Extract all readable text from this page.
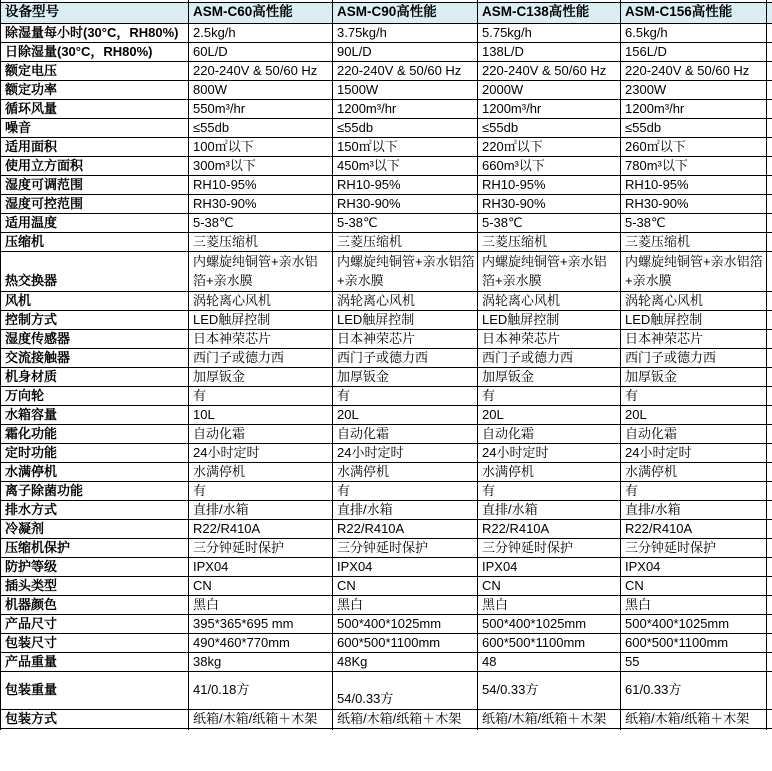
设备型号	ASM-C60高性能	ASM-C90高性能	ASM-C138高性能	ASM-C156高性能	
除湿量每小时(30°C，RH80%)	2.5kg/h	3.75kg/h	5.75kg/h	6.5kg/h	
日除湿量(30°C，RH80%)	60L/D	90L/D	138L/D	156L/D	
额定电压	220-240V & 50/60 Hz	220-240V & 50/60 Hz	220-240V & 50/60 Hz	220-240V & 50/60 Hz	
额定功率	800W	1500W	2000W	2300W	
循环风量	550m³/hr	1200m³/hr	1200m³/hr	1200m³/hr	
噪音	≤55db	≤55db	≤55db	≤55db	
适用面积	100㎡以下	150㎡以下	220㎡以下	260㎡以下	
使用立方面积	300m³以下	450m³以下	660m³以下	780m³以下	
湿度可调范围	RH10-95%	RH10-95%	RH10-95%	RH10-95%	
湿度可控范围	RH30-90%	RH30-90%	RH30-90%	RH30-90%	
适用温度	5-38℃	5-38℃	5-38℃	5-38℃	
压缩机	三菱压缩机	三菱压缩机	三菱压缩机	三菱压缩机	
热交换器	内螺旋纯铜管+亲水铝箔+亲水膜	内螺旋纯铜管+亲水铝箔+亲水膜	内螺旋纯铜管+亲水铝箔+亲水膜	内螺旋纯铜管+亲水铝箔+亲水膜	
风机	涡轮离心风机	涡轮离心风机	涡轮离心风机	涡轮离心风机	
控制方式	LED触屏控制	LED触屏控制	LED触屏控制	LED触屏控制	
湿度传感器	日本神荣芯片	日本神荣芯片	日本神荣芯片	日本神荣芯片	
交流接触器	西门子或德力西	西门子或德力西	西门子或德力西	西门子或德力西	
机身材质	加厚钣金	加厚钣金	加厚钣金	加厚钣金	
万向轮	有	有	有	有	
水箱容量	10L	20L	20L	20L	
霜化功能	自动化霜	自动化霜	自动化霜	自动化霜	
定时功能	24小时定时	24小时定时	24小时定时	24小时定时	
水满停机	水满停机	水满停机	水满停机	水满停机	
离子除菌功能	有	有	有	有	
排水方式	直排/水箱	直排/水箱	直排/水箱	直排/水箱	
冷凝剂	R22/R410A	R22/R410A	R22/R410A	R22/R410A	
压缩机保护	三分钟延时保护	三分钟延时保护	三分钟延时保护	三分钟延时保护	
防护等级	IPX04	IPX04	IPX04	IPX04	
插头类型	CN	CN	CN	CN	
机器颜色	黑白	黑白	黑白	黑白	
产品尺寸	395*365*695 mm	500*400*1025mm	500*400*1025mm	500*400*1025mm	
包装尺寸	490*460*770mm	600*500*1100mm	600*500*1100mm	600*500*1100mm	
产品重量	38kg	48Kg	48	55	
包装重量	41/0.18方	54/0.33方	54/0.33方	61/0.33方	
包装方式	纸箱/木箱/纸箱＋木架	纸箱/木箱/纸箱＋木架	纸箱/木箱/纸箱＋木架	纸箱/木箱/纸箱＋木架	
